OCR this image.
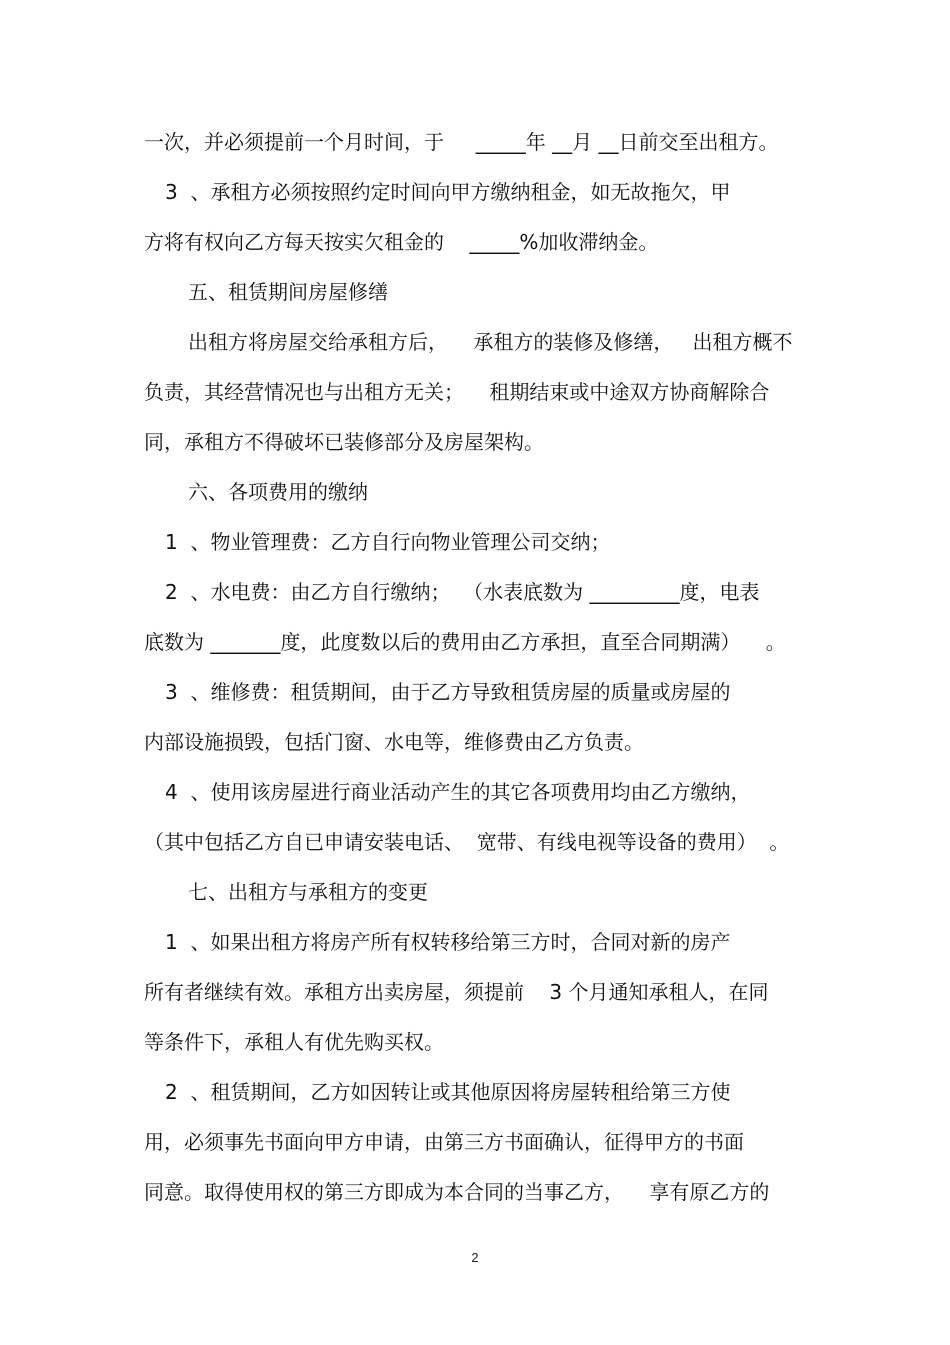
一次，并必须提前一个月时间，于     _____年 __月 __日前交至出租方。
3  、承租方必须按照约定时间向甲方缴纳租金，如无故拖欠，甲
方将有权向乙方每天按实欠租金的    _____%加收滞纳金。
五、租赁期间房屋修缮
出租方将房屋交给承租方后，    承租方的装修及修缮，   出租方概不
负责，其经营情况也与出租方无关；    租期结束或中途双方协商解除合
同，承租方不得破坏已装修部分及房屋架构。
六、各项费用的缴纳
1  、物业管理费：乙方自行向物业管理公司交纳；
2  、水电费：由乙方自行缴纳；  （水表底数为 _________度，电表
底数为 _______度，此度数以后的费用由乙方承担，直至合同期满）    。
3  、维修费：租赁期间，由于乙方导致租赁房屋的质量或房屋的
内部设施损毁，包括门窗、水电等，维修费由乙方负责。
4  、使用该房屋进行商业活动产生的其它各项费用均由乙方缴纳，
（其中包括乙方自已申请安装电话、  宽带、有线电视等设备的费用）  。
七、出租方与承租方的变更
1  、如果出租方将房产所有权转移给第三方时，合同对新的房产
所有者继续有效。承租方出卖房屋，须提前    3 个月通知承租人，在同
等条件下，承租人有优先购买权。
2  、租赁期间，乙方如因转让或其他原因将房屋转租给第三方使
用，必须事先书面向甲方申请，由第三方书面确认，征得甲方的书面
同意。取得使用权的第三方即成为本合同的当事乙方，    享有原乙方的
2
